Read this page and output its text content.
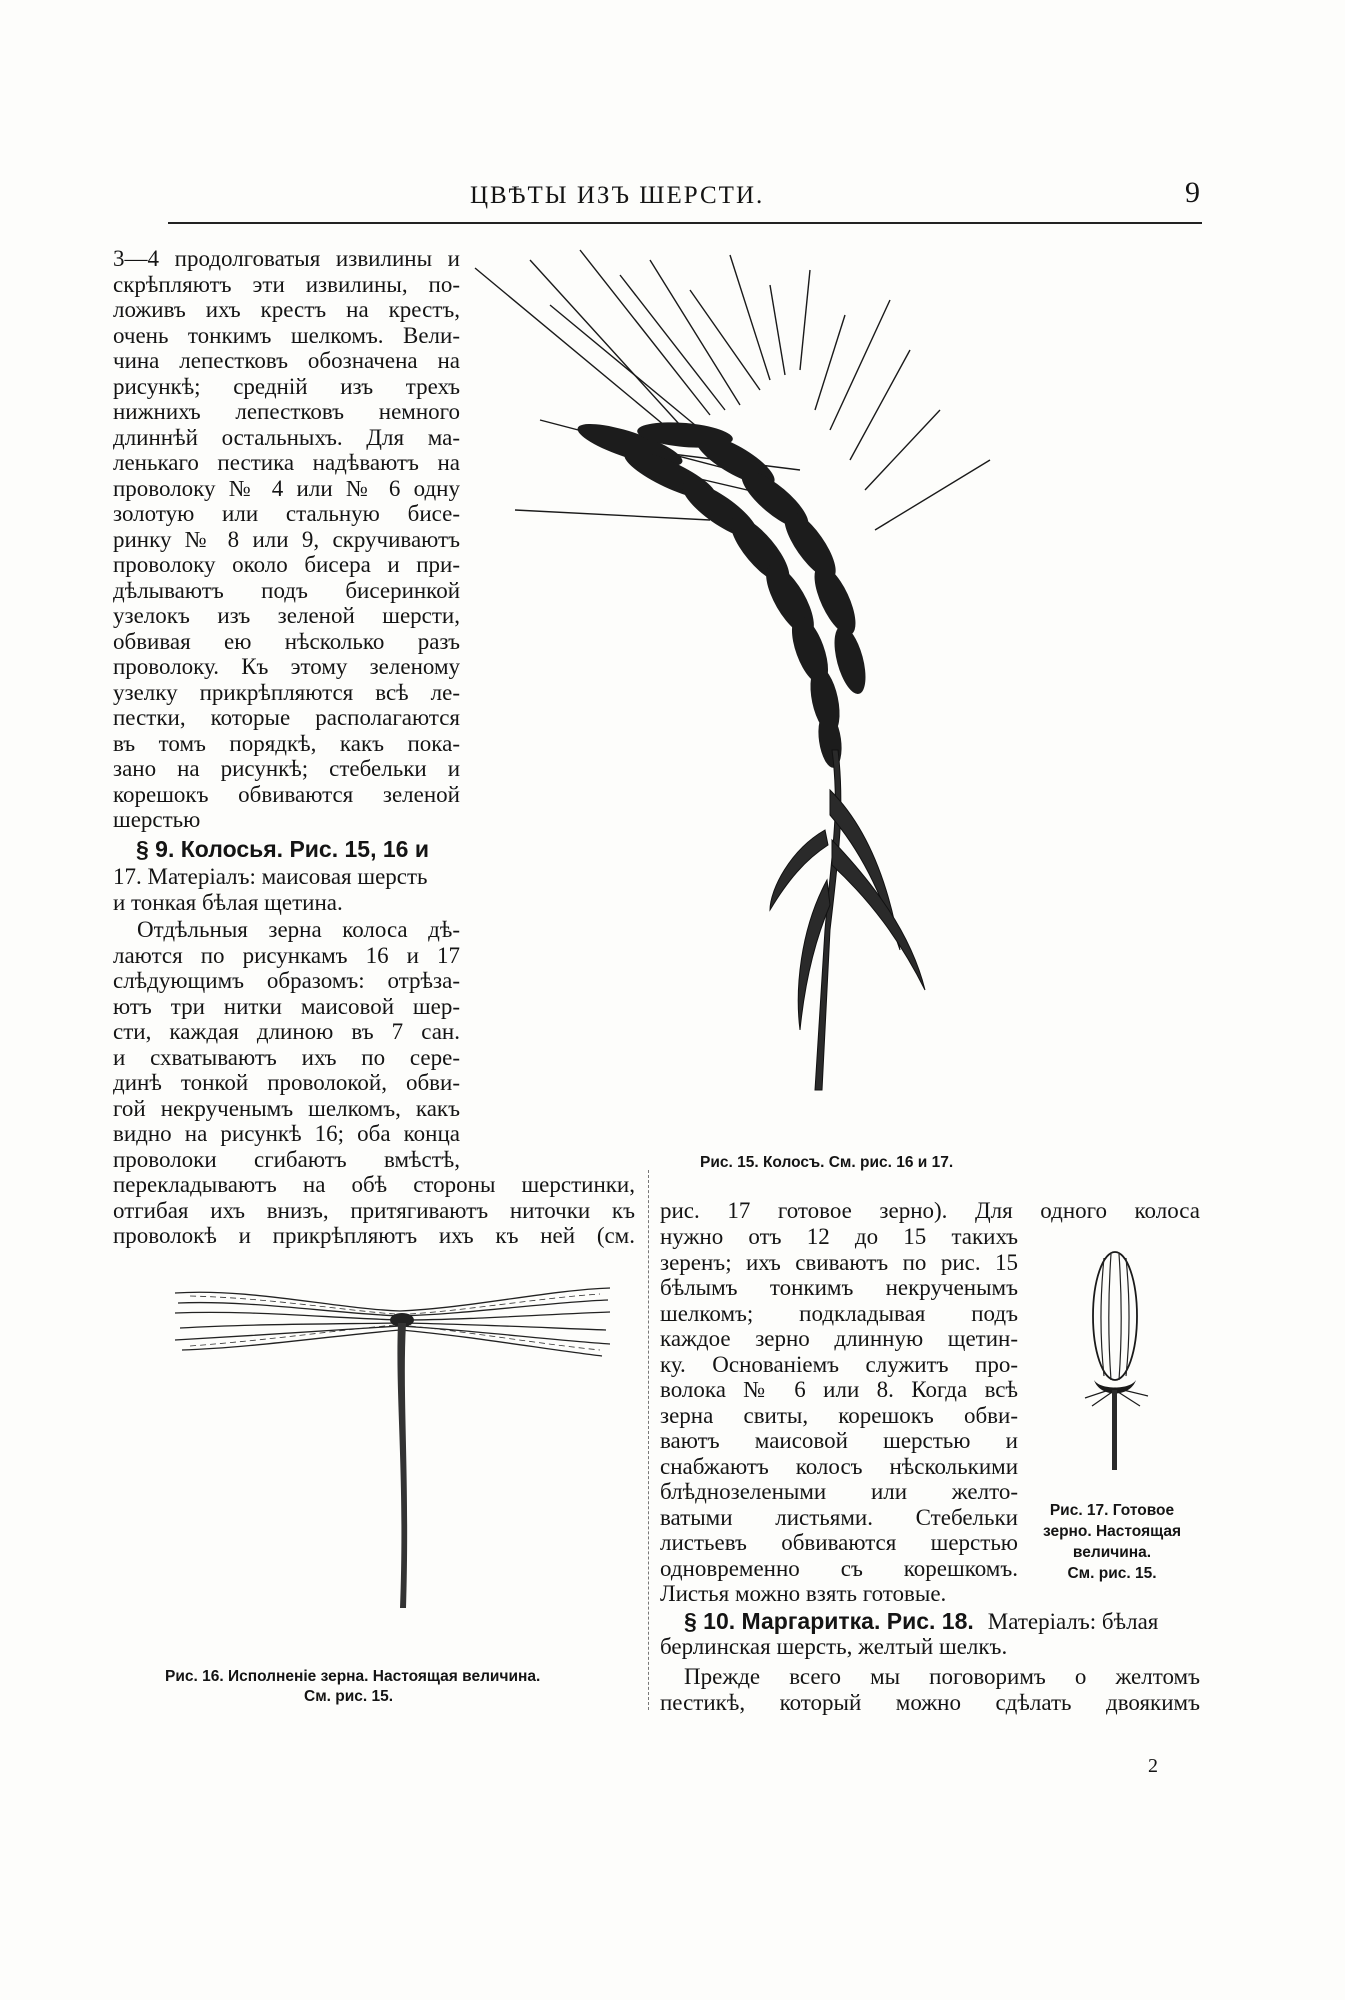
ЦВѢТЫ ИЗЪ ШЕРСТИ.	9
3—4 продолговатыя извилины и
скрѣпляютъ эти извилины, по-
ложивъ ихъ крестъ на крестъ,
очень тонкимъ шелкомъ. Вели-
чина лепестковъ обозначена на
рисункѣ; средній изъ трехъ
нижнихъ лепестковъ немного
длиннѣй остальныхъ. Для ма-
ленькаго пестика надѣваютъ на
проволоку № 4 или № 6 одну
золотую или стальную бисе-
ринку № 8 или 9, скручиваютъ
проволоку около бисера и при-
дѣлываютъ подъ бисеринкой
узелокъ изъ зеленой шерсти,
обвивая ею нѣсколько разъ
проволоку. Къ этому зеленому
узелку прикрѣпляются всѣ ле-
пестки, которые располагаются
въ томъ порядкѣ, какъ пока-
зано на рисункѣ; стебельки и
корешокъ обвиваются зеленой
шерстью
§ 9. Колосья. Рис. 15, 16 и
17. Матеріалъ: маисовая шерсть
и тонкая бѣлая щетина.
Отдѣльныя зерна колоса дѣ-
лаются по рисункамъ 16 и 17
слѣдующимъ образомъ: отрѣза-
ютъ три нитки маисовой шер-
сти, каждая длиною въ 7 сан.
и схватываютъ ихъ по сере-
динѣ тонкой проволокой, обви-
гой некрученымъ шелкомъ, какъ
видно на рисункѣ 16; оба конца
проволоки сгибаютъ вмѣстѣ,
перекладываютъ на обѣ стороны шерстинки,
отгибая ихъ внизъ, притягиваютъ ниточки къ
проволокѣ и прикрѣпляютъ ихъ къ ней (см.
Рис. 15. Колосъ. См. рис. 16 и 17.
Рис. 16. Исполненіе зерна. Настоящая величина.
См. рис. 15.
рис. 17 готовое зерно). Для одного колоса
нужно отъ 12 до 15 такихъ
зеренъ; ихъ свиваютъ по рис. 15
бѣлымъ тонкимъ некрученымъ
шелкомъ; подкладывая подъ
каждое зерно длинную щетин-
ку. Основаніемъ служитъ про-
волока № 6 или 8. Когда всѣ
зерна свиты, корешокъ обви-
ваютъ маисовой шерстью и
снабжаютъ колосъ нѣсколькими
блѣднозелеными или желто-
ватыми листьями. Стебельки
листьевъ обвиваются шерстью
одновременно съ корешкомъ.
Листья можно взять готовые.
Рис. 17. Готовое
зерно. Настоящая
величина.
См. рис. 15.
§ 10. Маргаритка. Рис. 18. Матеріалъ: бѣлая
берлинская шерсть, желтый шелкъ.
Прежде всего мы поговоримъ о желтомъ
пестикѣ, который можно сдѣлать двоякимъ
2
